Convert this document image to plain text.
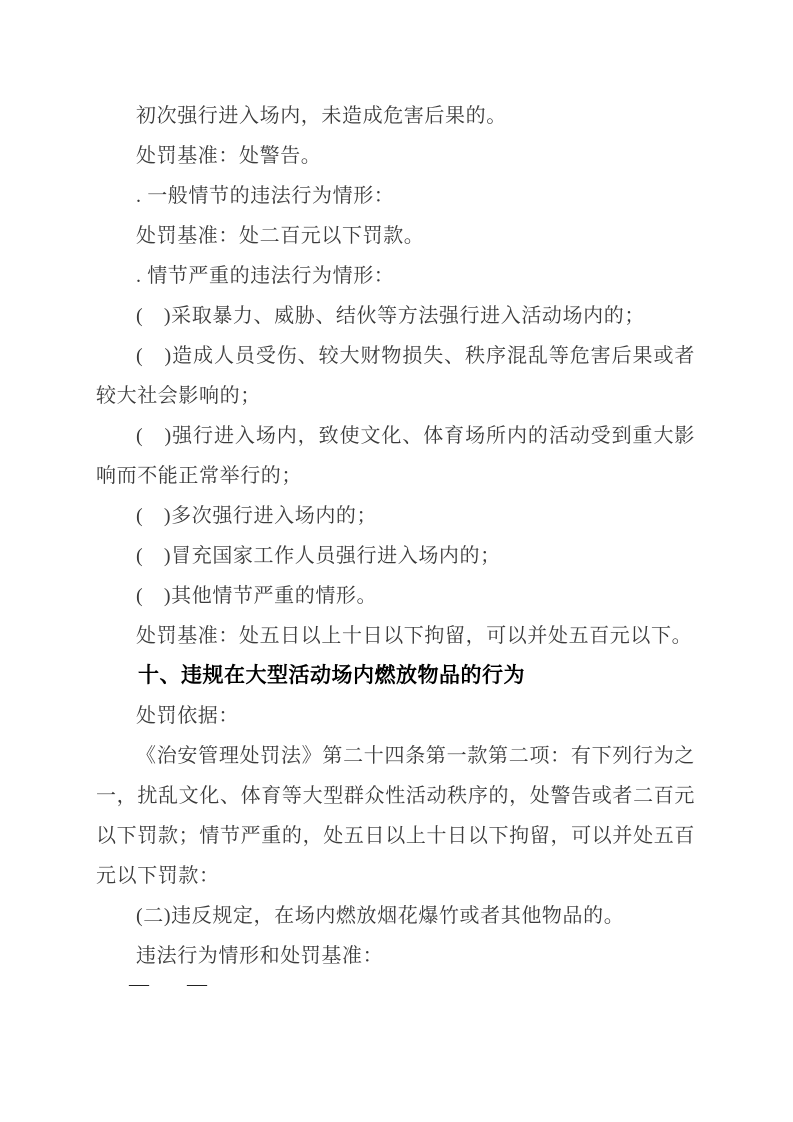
初次强行进入场内，未造成危害后果的。

处罚基准：处警告。

. 一般情节的违法行为情形：

处罚基准：处二百元以下罚款。

. 情节严重的违法行为情形：

(　)采取暴力、威胁、结伙等方法强行进入活动场内的；

(　)造成人员受伤、较大财物损失、秩序混乱等危害后果或者较大社会影响的；

(　)强行进入场内，致使文化、体育场所内的活动受到重大影响而不能正常举行的；

(　)多次强行进入场内的；

(　)冒充国家工作人员强行进入场内的；

(　)其他情节严重的情形。

处罚基准：处五日以上十日以下拘留，可以并处五百元以下。

十、违规在大型活动场内燃放物品的行为

处罚依据：

《治安管理处罚法》第二十四条第一款第二项：有下列行为之一，扰乱文化、体育等大型群众性活动秩序的，处警告或者二百元以下罚款；情节严重的，处五日以上十日以下拘留，可以并处五百元以下罚款：

(二)违反规定，在场内燃放烟花爆竹或者其他物品的。

违法行为情形和处罚基准：

— —
